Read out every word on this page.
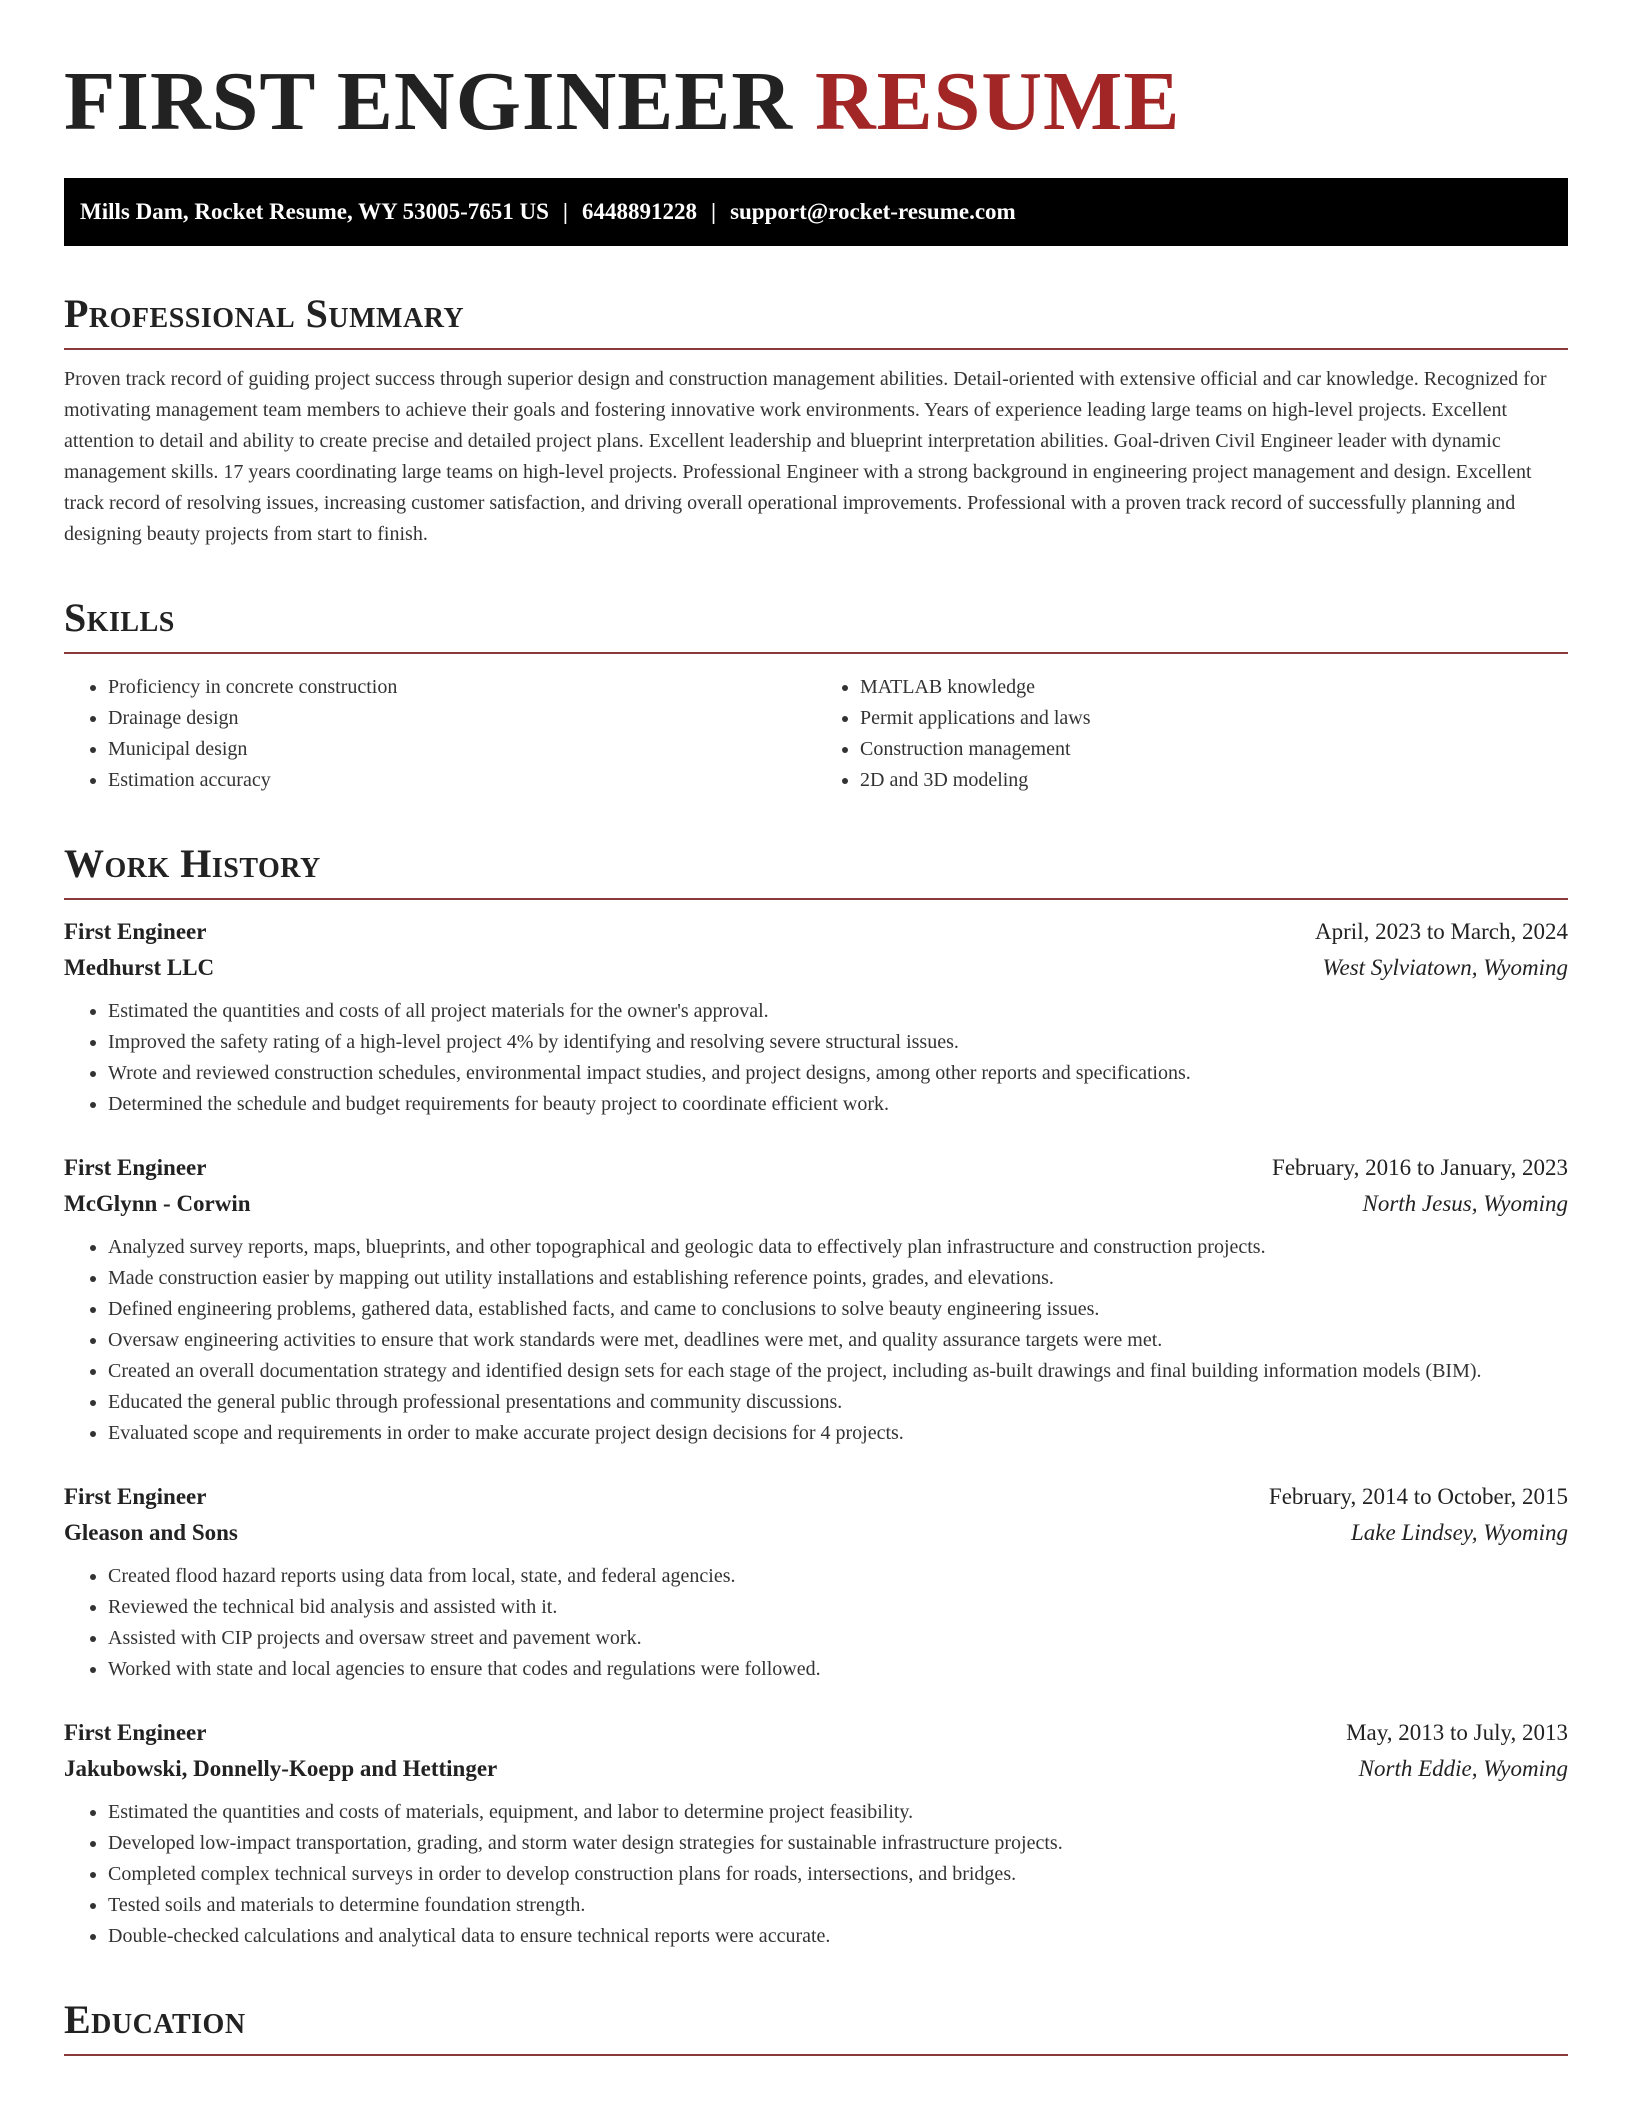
FIRST ENGINEER RESUME
Mills Dam, Rocket Resume, WY 53005-7651 US | 6448891228 | support@rocket-resume.com
Professional Summary

Proven track record of guiding project success through superior design and construction management abilities. Detail-oriented with extensive official and car knowledge. Recognized for motivating management team members to achieve their goals and fostering innovative work environments. Years of experience leading large teams on high-level projects. Excellent attention to detail and ability to create precise and detailed project plans. Excellent leadership and blueprint interpretation abilities. Goal-driven Civil Engineer leader with dynamic management skills. 17 years coordinating large teams on high-level projects. Professional Engineer with a strong background in engineering project management and design. Excellent track record of resolving issues, increasing customer satisfaction, and driving overall operational improvements. Professional with a proven track record of successfully planning and designing beauty projects from start to finish.

Skills
• Proficiency in concrete construction
• Drainage design
• Municipal design
• Estimation accuracy
• MATLAB knowledge
• Permit applications and laws
• Construction management
• 2D and 3D modeling
Work History
First Engineer	April, 2023 to March, 2024
Medhurst LLC	West Sylviatown, Wyoming
• Estimated the quantities and costs of all project materials for the owner's approval.
• Improved the safety rating of a high-level project 4% by identifying and resolving severe structural issues.
• Wrote and reviewed construction schedules, environmental impact studies, and project designs, among other reports and specifications.
• Determined the schedule and budget requirements for beauty project to coordinate efficient work.
First Engineer	February, 2016 to January, 2023
McGlynn - Corwin	North Jesus, Wyoming
• Analyzed survey reports, maps, blueprints, and other topographical and geologic data to effectively plan infrastructure and construction projects.
• Made construction easier by mapping out utility installations and establishing reference points, grades, and elevations.
• Defined engineering problems, gathered data, established facts, and came to conclusions to solve beauty engineering issues.
• Oversaw engineering activities to ensure that work standards were met, deadlines were met, and quality assurance targets were met.
• Created an overall documentation strategy and identified design sets for each stage of the project, including as-built drawings and final building information models (BIM).
• Educated the general public through professional presentations and community discussions.
• Evaluated scope and requirements in order to make accurate project design decisions for 4 projects.
First Engineer	February, 2014 to October, 2015
Gleason and Sons	Lake Lindsey, Wyoming
• Created flood hazard reports using data from local, state, and federal agencies.
• Reviewed the technical bid analysis and assisted with it.
• Assisted with CIP projects and oversaw street and pavement work.
• Worked with state and local agencies to ensure that codes and regulations were followed.
First Engineer	May, 2013 to July, 2013
Jakubowski, Donnelly-Koepp and Hettinger	North Eddie, Wyoming
• Estimated the quantities and costs of materials, equipment, and labor to determine project feasibility.
• Developed low-impact transportation, grading, and storm water design strategies for sustainable infrastructure projects.
• Completed complex technical surveys in order to develop construction plans for roads, intersections, and bridges.
• Tested soils and materials to determine foundation strength.
• Double-checked calculations and analytical data to ensure technical reports were accurate.
Education
